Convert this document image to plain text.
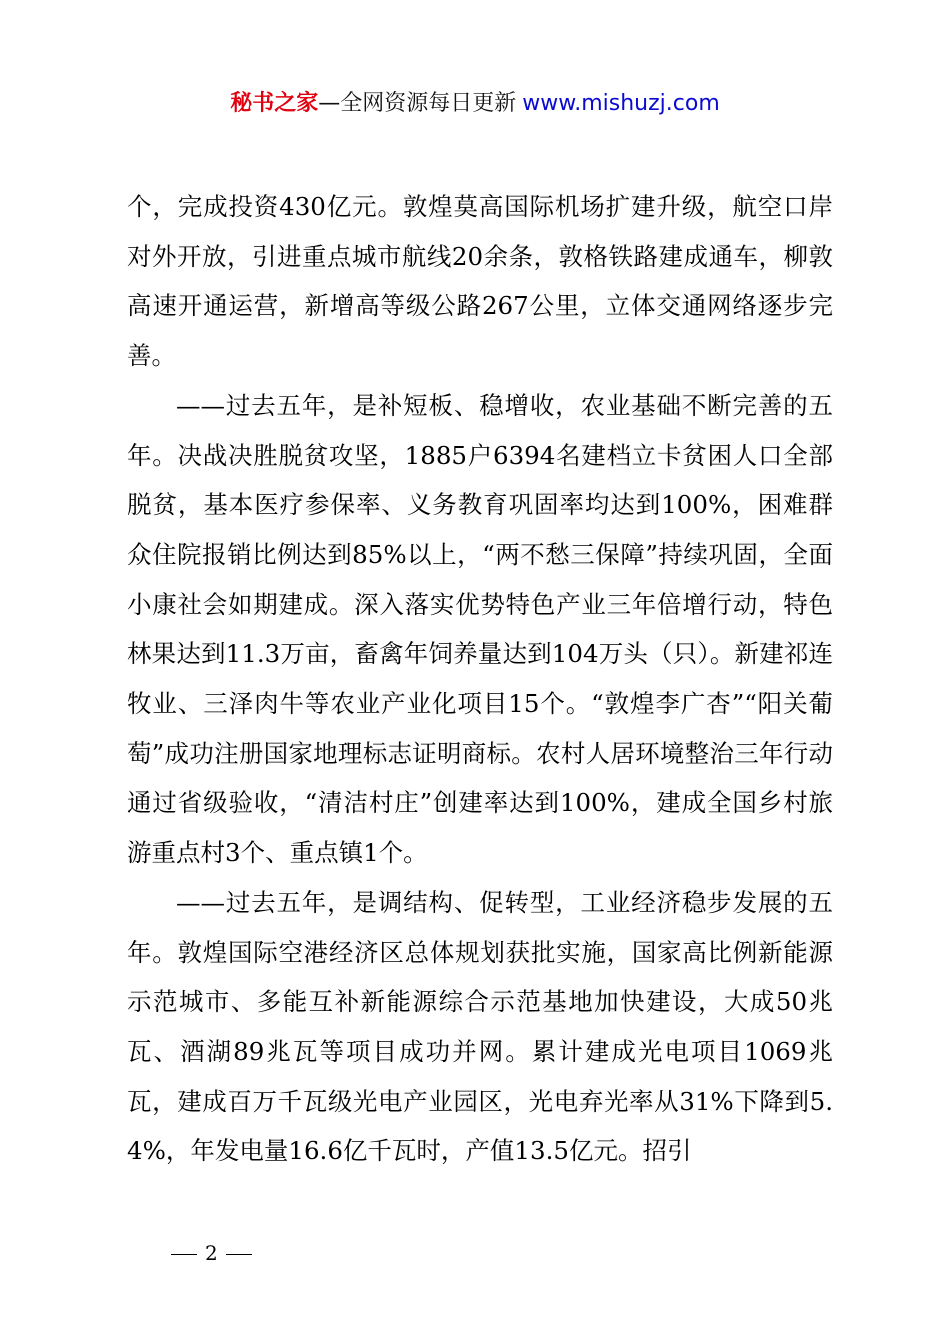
秘书之家—全网资源每日更新 www.mishuzj.com

个，完成投资430亿元。敦煌莫高国际机场扩建升级，航空口岸对外开放，引进重点城市航线20余条，敦格铁路建成通车，柳敦高速开通运营，新增高等级公路267公里，立体交通网络逐步完善。

——过去五年，是补短板、稳增收，农业基础不断完善的五年。决战决胜脱贫攻坚，1885户6394名建档立卡贫困人口全部脱贫，基本医疗参保率、义务教育巩固率均达到100%，困难群众住院报销比例达到85%以上，“两不愁三保障”持续巩固，全面小康社会如期建成。深入落实优势特色产业三年倍增行动，特色林果达到11.3万亩，畜禽年饲养量达到104万头（只）。新建祁连牧业、三泽肉牛等农业产业化项目15个。“敦煌李广杏”“阳关葡萄”成功注册国家地理标志证明商标。农村人居环境整治三年行动通过省级验收，“清洁村庄”创建率达到100%，建成全国乡村旅游重点村3个、重点镇1个。

——过去五年，是调结构、促转型，工业经济稳步发展的五年。敦煌国际空港经济区总体规划获批实施，国家高比例新能源示范城市、多能互补新能源综合示范基地加快建设，大成50兆瓦、酒湖89兆瓦等项目成功并网。累计建成光电项目1069兆瓦，建成百万千瓦级光电产业园区，光电弃光率从31%下降到5.4%，年发电量16.6亿千瓦时，产值13.5亿元。招引

2
